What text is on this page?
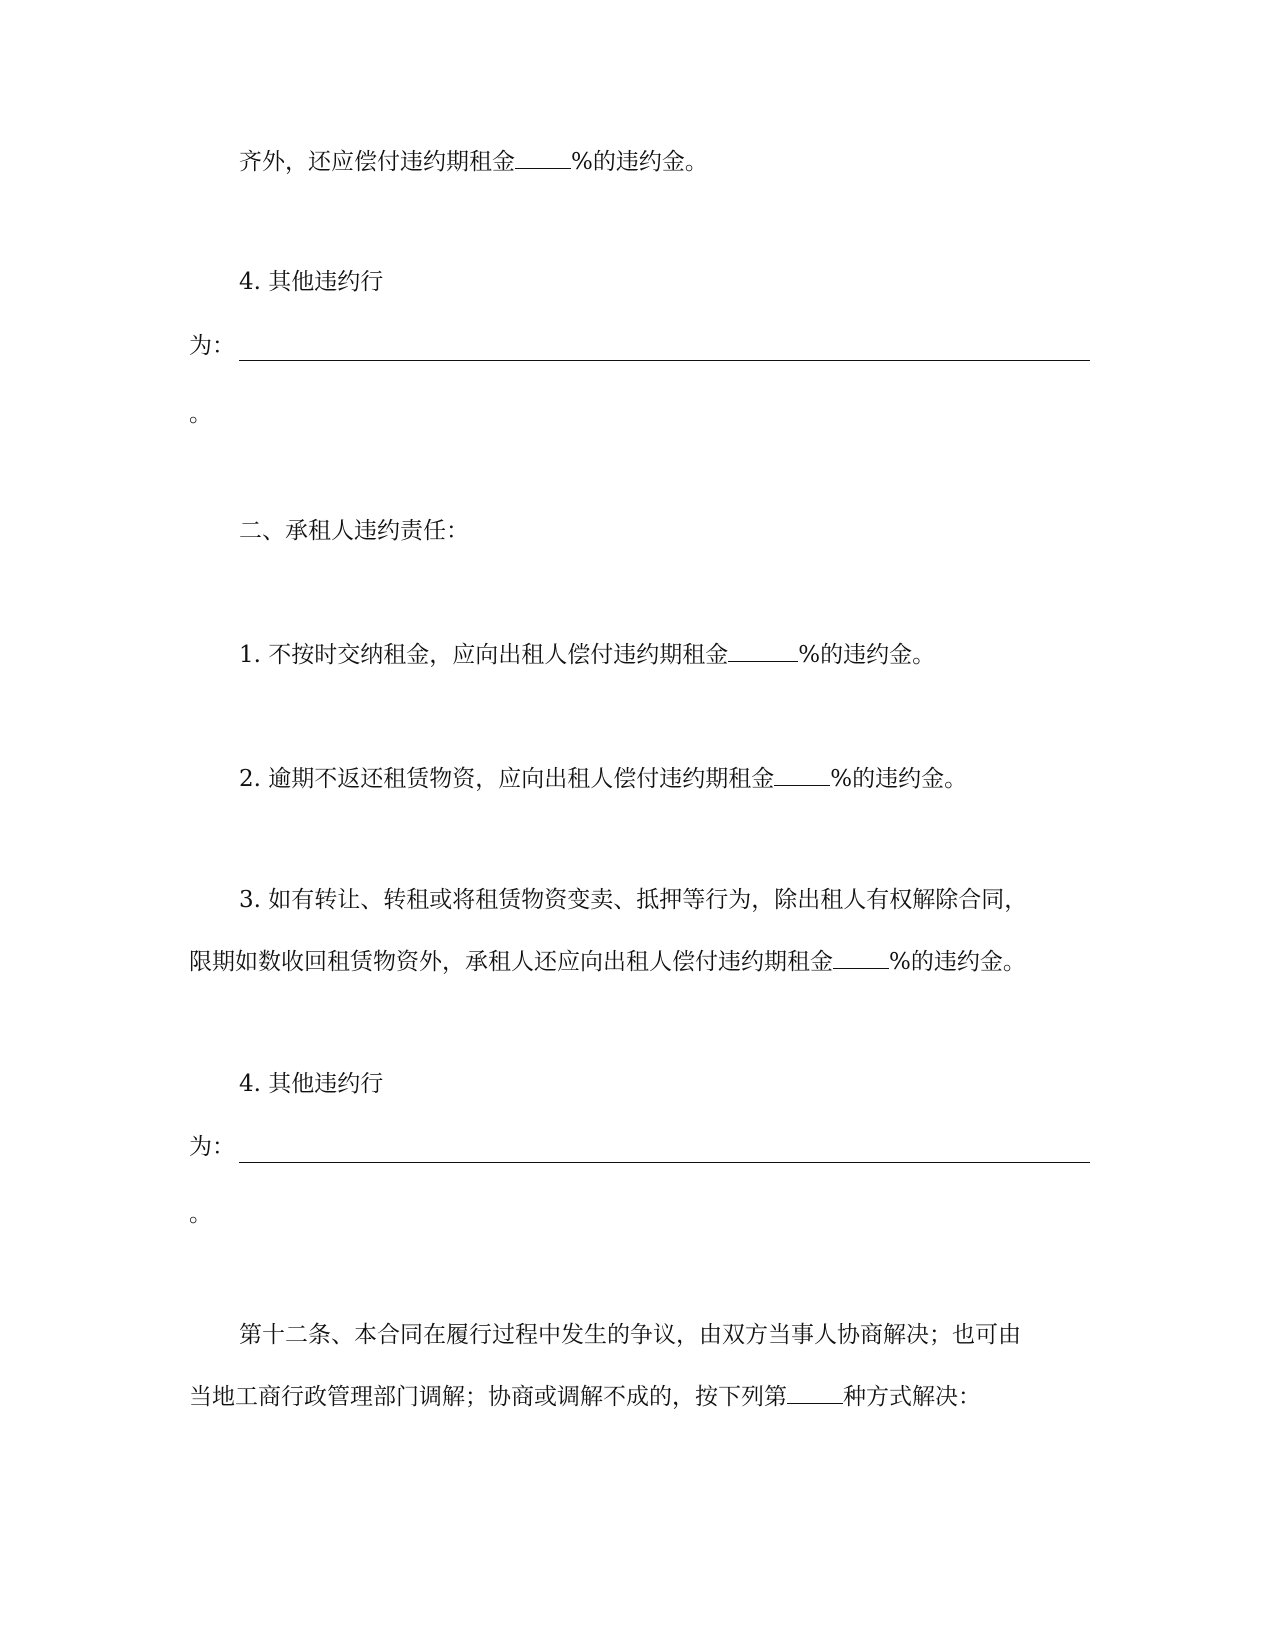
齐外，还应偿付违约期租金 %的违约金。
4. 其他违约行
为：
。
二、承租人违约责任：
1. 不按时交纳租金，应向出租人偿付违约期租金	%的违约金。
2. 逾期不返还租赁物资，应向出租人偿付违约期租金 %的违约金。
3. 如有转让、转租或将租赁物资变卖、抵押等行为，除出租人有权解除合同，
限期如数收回租赁物资外，承租人还应向出租人偿付违约期租金 %的违约金。
4. 其他违约行
为：
。
第十二条、本合同在履行过程中发生的争议，由双方当事人协商解决；也可由
当地工商行政管理部门调解；协商或调解不成的，按下列第 种方式解决：
